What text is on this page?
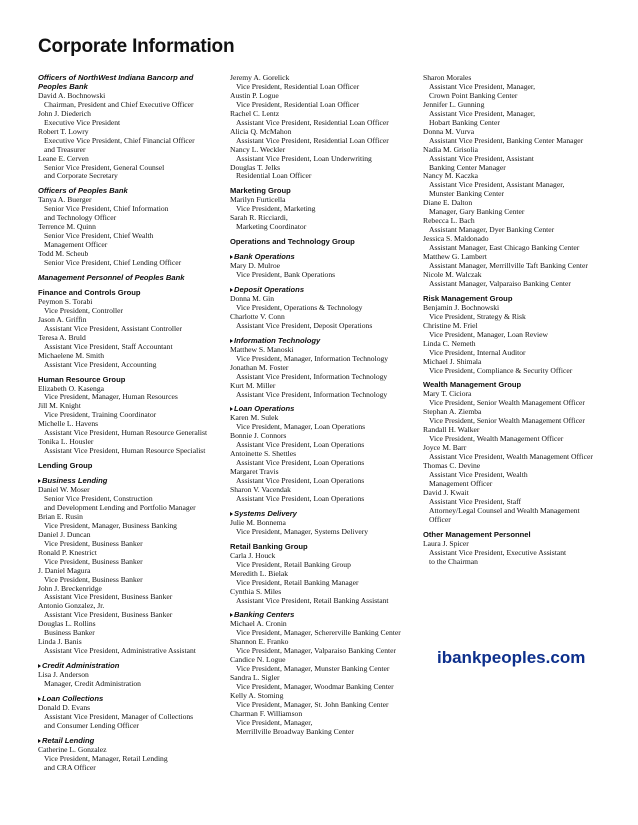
Corporate Information
Officers of NorthWest Indiana Bancorp and Peoples Bank
David A. Bochnowski
Chairman, President and Chief Executive Officer
John J. Diederich
Executive Vice President
Robert T. Lowry
Executive Vice President, Chief Financial Officer
and Treasurer
Leane E. Cerven
Senior Vice President, General Counsel
and Corporate Secretary
Officers of Peoples Bank
Tanya A. Buerger
Senior Vice President, Chief Information
and Technology Officer
Terrence M. Quinn
Senior Vice President, Chief Wealth
Management Officer
Todd M. Scheub
Senior Vice President, Chief Lending Officer
Management Personnel of Peoples Bank
Finance and Controls Group
Peymon S. Torabi
Vice President, Controller
Jason A. Griffin
Assistant Vice President, Assistant Controller
Teresa A. Bruld
Assistant Vice President, Staff Accountant
Michaelene M. Smith
Assistant Vice President, Accounting
Human Resource Group
Elizabeth O. Kasenga
Vice President, Manager, Human Resources
Jill M. Knight
Vice President, Training Coordinator
Michelle L. Havens
Assistant Vice President, Human Resource Generalist
Tonika L. Housler
Assistant Vice President, Human Resource Specialist
Lending Group
Business Lending
Daniel W. Moser
Senior Vice President, Construction
and Development Lending and Portfolio Manager
Brian E. Rusin
Vice President, Manager, Business Banking
Daniel J. Duncan
Vice President, Business Banker
Ronald P. Knestrict
Vice President, Business Banker
J. Daniel Magura
Vice President, Business Banker
John J. Breckenridge
Assistant Vice President, Business Banker
Antonio Gonzalez, Jr.
Assistant Vice President, Business Banker
Douglas L. Rollins
Business Banker
Linda J. Banis
Assistant Vice President, Administrative Assistant
Credit Administration
Lisa J. Anderson
Manager, Credit Administration
Loan Collections
Donald D. Evans
Assistant Vice President, Manager of Collections
and Consumer Lending Officer
Retail Lending
Catherine L. Gonzalez
Vice President, Manager, Retail Lending
and CRA Officer
Jeremy A. Gorelick
Vice President, Residential Loan Officer
Austin P. Logue
Vice President, Residential Loan Officer
Rachel C. Lentz
Assistant Vice President, Residential Loan Officer
Alicia Q. McMahon
Assistant Vice President, Residential Loan Officer
Nancy L. Weckler
Assistant Vice President, Loan Underwriting
Douglas T. Jelks
Residential Loan Officer
Marketing Group
Marilyn Furticella
Vice President, Marketing
Sarah R. Ricciardi,
Marketing Coordinator
Operations and Technology Group
Bank Operations
Mary D. Mulroe
Vice President, Bank Operations
Deposit Operations
Donna M. Gin
Vice President, Operations & Technology
Charlotte V. Conn
Assistant Vice President, Deposit Operations
Information Technology
Matthew S. Manoski
Vice President, Manager, Information Technology
Jonathan M. Foster
Assistant Vice President, Information Technology
Kurt M. Miller
Assistant Vice President, Information Technology
Loan Operations
Karen M. Sulek
Vice President, Manager, Loan Operations
Bonnie J. Connors
Assistant Vice President, Loan Operations
Antoinette S. Shettles
Assistant Vice President, Loan Operations
Margaret Travis
Assistant Vice President, Loan Operations
Sharon V. Vacendak
Assistant Vice President, Loan Operations
Systems Delivery
Julie M. Bonnema
Vice President, Manager, Systems Delivery
Retail Banking Group
Carla J. Houck
Vice President, Retail Banking Group
Meredith L. Bielak
Vice President, Retail Banking Manager
Cynthia S. Miles
Assistant Vice President, Retail Banking Assistant
Banking Centers
Michael A. Cronin
Vice President, Manager, Schererville Banking Center
Shannon E. Franko
Vice President, Manager, Valparaiso Banking Center
Candice N. Logue
Vice President, Manager, Munster Banking Center
Sandra L. Sigler
Vice President, Manager, Woodmar Banking Center
Kelly A. Stoming
Vice President, Manager, St. John Banking Center
Charman F. Williamson
Vice President, Manager,
Merrillville Broadway Banking Center
Sharon Morales
Assistant Vice President, Manager,
Crown Point Banking Center
Jennifer L. Gunning
Assistant Vice President, Manager,
Hobart Banking Center
Donna M. Vurva
Assistant Vice President, Banking Center Manager
Nadia M. Grisolia
Assistant Vice President, Assistant
Banking Center Manager
Nancy M. Kaczka
Assistant Vice President, Assistant Manager,
Munster Banking Center
Diane E. Dalton
Manager, Gary Banking Center
Rebecca L. Bach
Assistant Manager, Dyer Banking Center
Jessica S. Maldonado
Assistant Manager, East Chicago Banking Center
Matthew G. Lambert
Assistant Manager, Merrillville Taft Banking Center
Nicole M. Walczak
Assistant Manager, Valparaiso Banking Center
Risk Management Group
Benjamin J. Bochnowski
Vice President, Strategy & Risk
Christine M. Friel
Vice President, Manager, Loan Review
Linda C. Nemeth
Vice President, Internal Auditor
Michael J. Shimala
Vice President, Compliance & Security Officer
Wealth Management Group
Mary T. Ciciora
Vice President, Senior Wealth Management Officer
Stephan A. Ziemba
Vice President, Senior Wealth Management Officer
Randall H. Walker
Vice President, Wealth Management Officer
Joyce M. Barr
Assistant Vice President, Wealth Management Officer
Thomas C. Devine
Assistant Vice President, Wealth
Management Officer
David J. Kwait
Assistant Vice President, Staff
Attorney/Legal Counsel and Wealth Management
Officer
Other Management Personnel
Laura J. Spicer
Assistant Vice President, Executive Assistant
to the Chairman
ibankpeoples.com
